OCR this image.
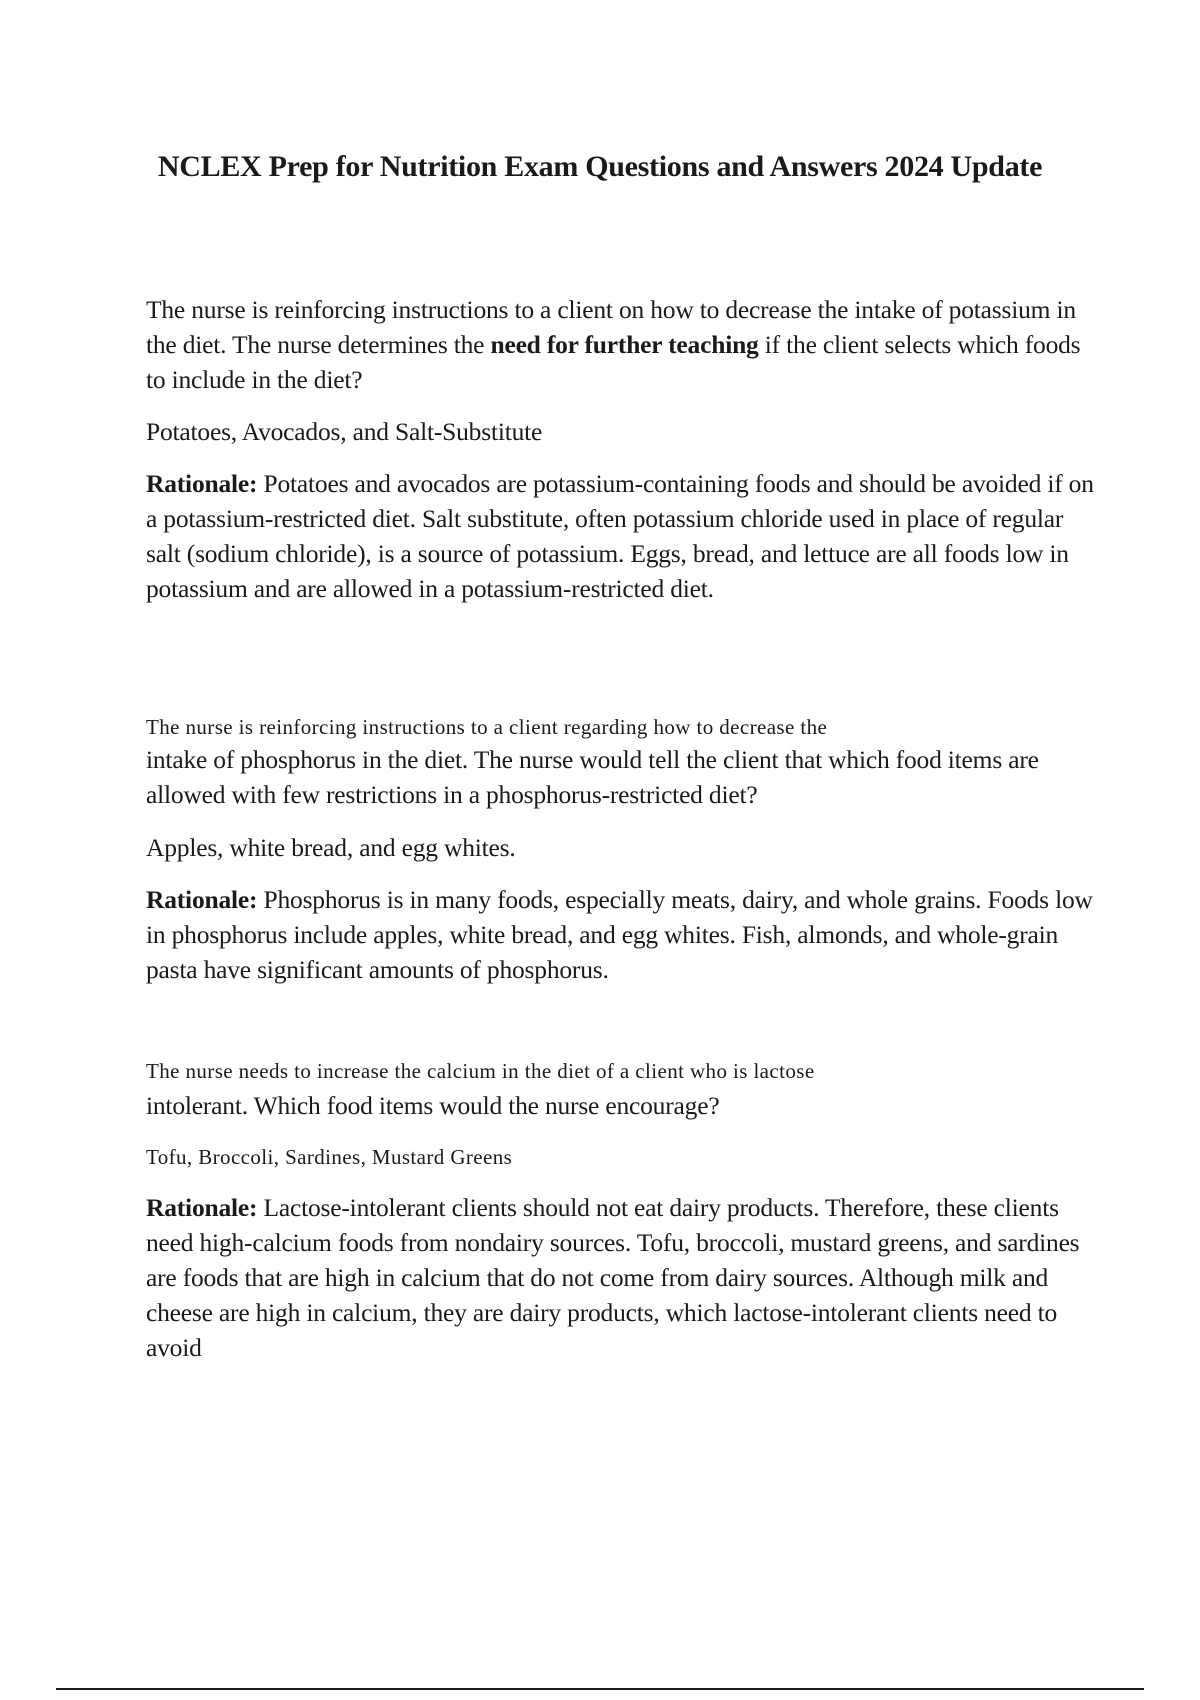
NCLEX Prep for Nutrition Exam Questions and Answers 2024 Update

The nurse is reinforcing instructions to a client on how to decrease the intake of potassium in the diet. The nurse determines the need for further teaching if the client selects which foods to include in the diet?

Potatoes, Avocados, and Salt-Substitute

Rationale: Potatoes and avocados are potassium-containing foods and should be avoided if on a potassium-restricted diet. Salt substitute, often potassium chloride used in place of regular salt (sodium chloride), is a source of potassium. Eggs, bread, and lettuce are all foods low in potassium and are allowed in a potassium-restricted diet.

The nurse is reinforcing instructions to a client regarding how to decrease the

intake of phosphorus in the diet. The nurse would tell the client that which food items are allowed with few restrictions in a phosphorus-restricted diet?

Apples, white bread, and egg whites.

Rationale: Phosphorus is in many foods, especially meats, dairy, and whole grains. Foods low in phosphorus include apples, white bread, and egg whites. Fish, almonds, and whole-grain pasta have significant amounts of phosphorus.

The nurse needs to increase the calcium in the diet of a client who is lactose

intolerant. Which food items would the nurse encourage?

Tofu, Broccoli, Sardines, Mustard Greens

Rationale: Lactose-intolerant clients should not eat dairy products. Therefore, these clients need high-calcium foods from nondairy sources. Tofu, broccoli, mustard greens, and sardines are foods that are high in calcium that do not come from dairy sources. Although milk and cheese are high in calcium, they are dairy products, which lactose-intolerant clients need to avoid
